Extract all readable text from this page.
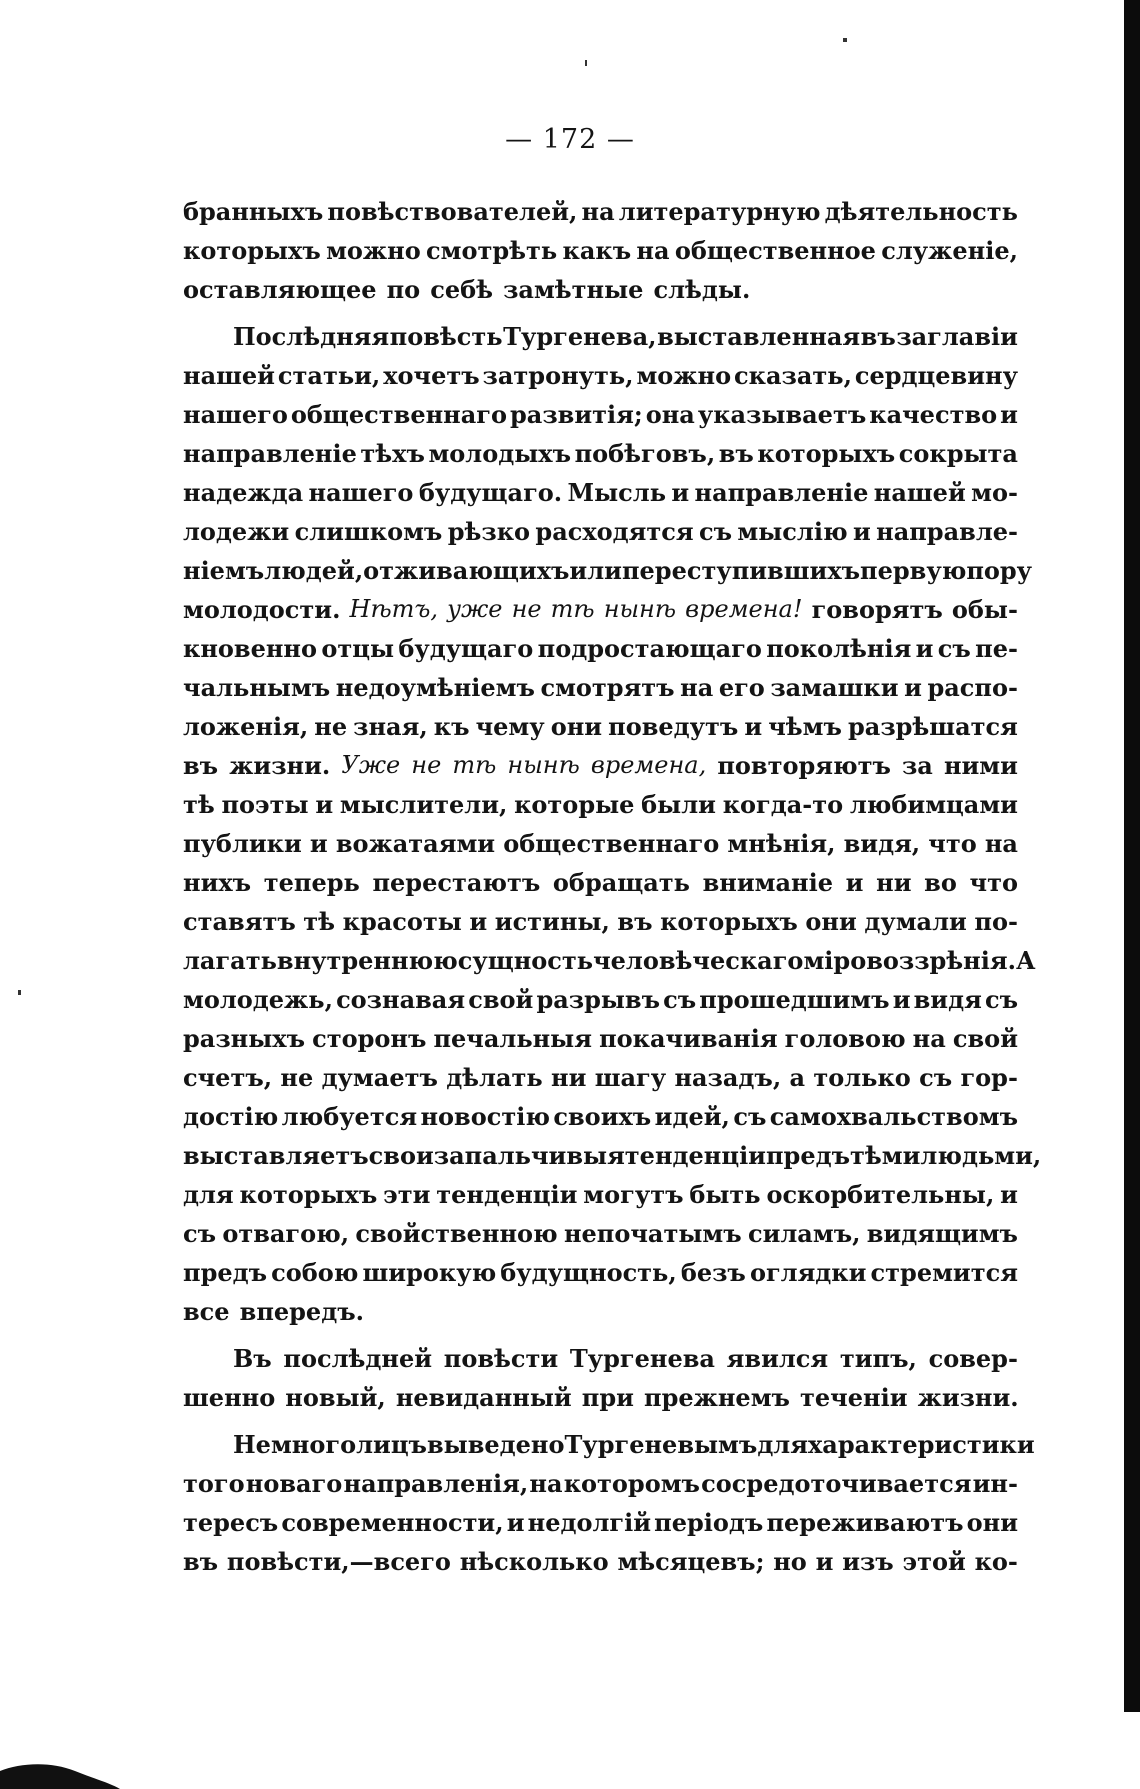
— 172 —
бранныхъ повѣствователей, на литературную дѣятельность
которыхъ можно смотрѣть какъ на общественное служеніе,
оставляющее по себѣ замѣтные слѣды.
Послѣдняя повѣсть Тургенева, выставленная въ заглавіи
нашей статьи, хочетъ затронуть, можно сказать, сердцевину
нашего общественнаго развитія; она указываетъ качество и
направленіе тѣхъ молодыхъ побѣговъ, въ которыхъ сокрыта
надежда нашего будущаго. Мысль и направленіе нашей мо-
лодежи слишкомъ рѣзко расходятся съ мыслію и направле-
ніемъ людей, отживающихъ или переступившихъ первую пору
молодости. Нѣтъ, уже не тѣ нынѣ времена! говорятъ обы-
кновенно отцы будущаго подростающаго поколѣнія и съ пе-
чальнымъ недоумѣніемъ смотрятъ на его замашки и распо-
ложенія, не зная, къ чему они поведутъ и чѣмъ разрѣшатся
въ жизни. Уже не тѣ нынѣ времена, повторяютъ за ними
тѣ поэты и мыслители, которые были когда-то любимцами
публики и вожатаями общественнаго мнѣнія, видя, что на
нихъ теперь перестаютъ обращать вниманіе и ни во что
ставятъ тѣ красоты и истины, въ которыхъ они думали по-
лагать внутреннюю сущность человѣческаго міровоззрѣнія. А
молодежь, сознавая свой разрывъ съ прошедшимъ и видя съ
разныхъ сторонъ печальныя покачиванія головою на свой
счетъ, не думаетъ дѣлать ни шагу назадъ, а только съ гор-
достію любуется новостію своихъ идей, съ самохвальствомъ
выставляетъ свои запальчивыя тенденціи предъ тѣми людьми,
для которыхъ эти тенденціи могутъ быть оскорбительны, и
съ отвагою, свойственною непочатымъ силамъ, видящимъ
предъ собою широкую будущность, безъ оглядки стремится
все впередъ.
Въ послѣдней повѣсти Тургенева явился типъ, совер-
шенно новый, невиданный при прежнемъ теченіи жизни.
Немного лицъ выведено Тургеневымъ для характеристики
того новаго направленія, на которомъ сосредоточивается ин-
тересъ современности, и недолгій періодъ переживаютъ они
въ повѣсти,—всего нѣсколько мѣсяцевъ; но и изъ этой ко-
